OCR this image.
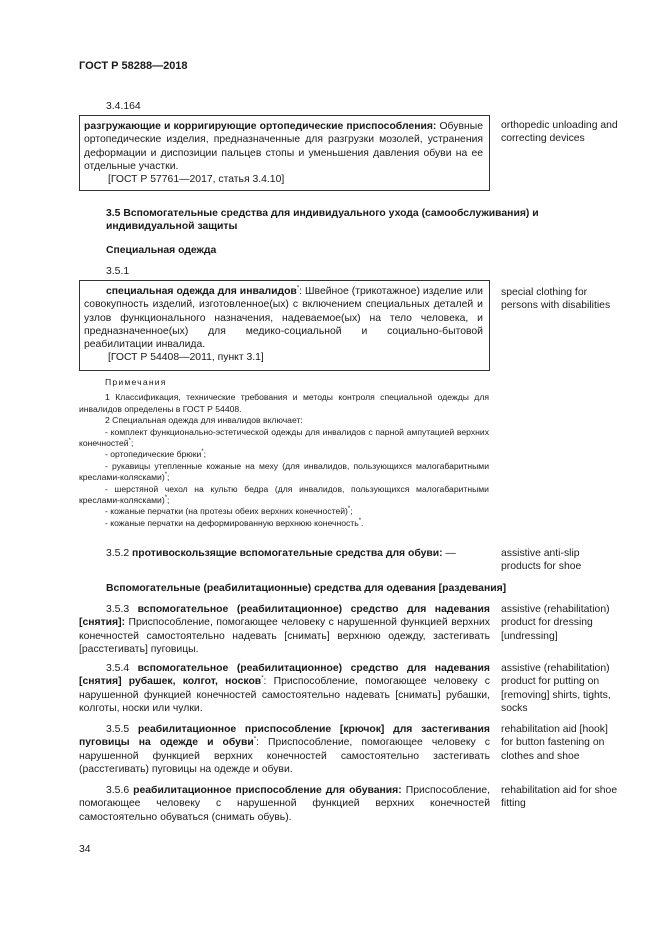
ГОСТ Р 58288—2018
3.4.164

разгружающие и корригирующие ортопедические приспособления: Обувные ортопедические изделия, предназначенные для разгрузки мозолей, устранения деформации и диспозиции пальцев стопы и уменьшения давления обуви на ее отдельные участки.

[ГОСТ Р 57761—2017, статья 3.4.10]

orthopedic unloading and correcting devices
3.5 Вспомогательные средства для индивидуального ухода (самообслуживания) и индивидуальной защиты
Специальная одежда
3.5.1

специальная одежда для инвалидов*: Швейное (трикотажное) изделие или совокупность изделий, изготовленное(ых) с включением специальных деталей и узлов функционального назначения, надеваемое(ых) на тело человека, и предназначенное(ых) для медико-социальной и социально-бытовой реабилитации инвалида.

[ГОСТ Р 54408—2011, пункт 3.1]

special clothing for persons with disabilities

Примечания

1 Классификация, технические требования и методы контроля специальной одежды для инвалидов определены в ГОСТ Р 54408.

2 Специальная одежда для инвалидов включает:

- комплект функционально-эстетической одежды для инвалидов с парной ампутацией верхних конечностей*;

- ортопедические брюки*;

- рукавицы утепленные кожаные на меху (для инвалидов, пользующихся малогабаритными креслами-колясками)*;

- шерстяной чехол на культю бедра (для инвалидов, пользующихся малогабаритными креслами-колясками)*;

- кожаные перчатки (на протезы обеих верхних конечностей)*;

- кожаные перчатки на деформированную верхнюю конечность*.

3.5.2 противоскользящие вспомогательные средства для обуви: —	assistive anti-slip products for shoe
Вспомогательные (реабилитационные) средства для одевания [раздевания]
3.5.3 вспомогательное (реабилитационное) средство для надевания [снятия]: Приспособление, помогающее человеку с нарушенной функцией верхних конечностей самостоятельно надевать [снимать] верхнюю одежду, застегивать [расстегивать] пуговицы.
assistive (rehabilitation) product for dressing [undressing]
3.5.4 вспомогательное (реабилитационное) средство для надевания [снятия] рубашек, колгот, носков*: Приспособление, помогающее человеку с нарушенной функцией конечностей самостоятельно надевать [снимать] рубашки, колготы, носки или чулки.
assistive (rehabilitation) product for putting on [removing] shirts, tights, socks
3.5.5 реабилитационное приспособление [крючок] для застегивания пуговицы на одежде и обуви*: Приспособление, помогающее человеку с нарушенной функцией верхних конечностей самостоятельно застегивать (расстегивать) пуговицы на одежде и обуви.
rehabilitation aid [hook] for button fastening on clothes and shoe
3.5.6 реабилитационное приспособление для обувания: Приспособление, помогающее человеку с нарушенной функцией верхних конечностей самостоятельно обуваться (снимать обувь).
rehabilitation aid for shoe fitting
34
